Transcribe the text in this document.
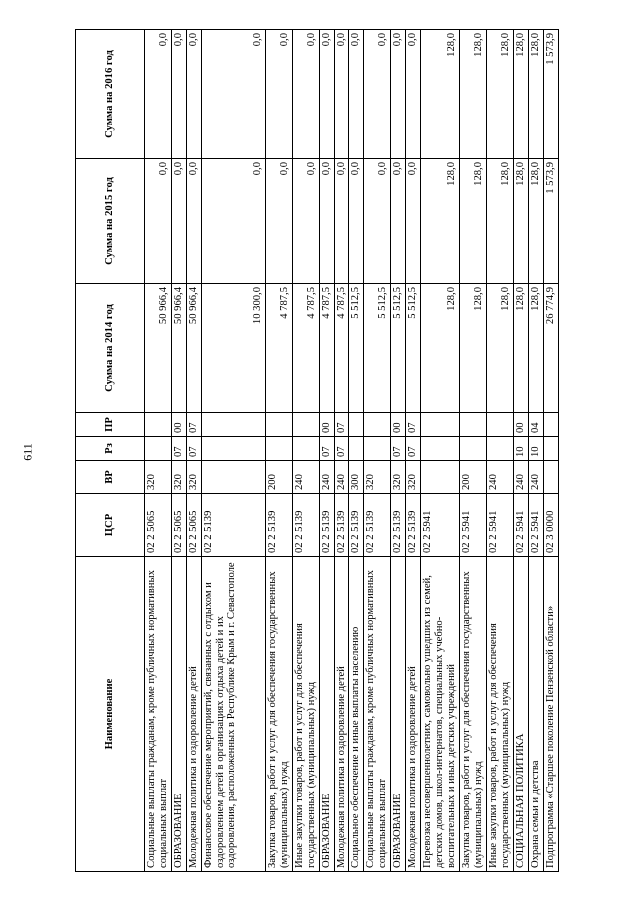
611
Наименование	ЦСР	ВР	Рз	ПР	Сумма на 2014 год	Сумма на 2015 год	Сумма на 2016 год
Социальные выплаты гражданам, кроме публичных нормативных социальных выплат	02 2 5065	320			50 966,4	0,0	0,0
ОБРАЗОВАНИЕ	02 2 5065	320	07	00	50 966,4	0,0	0,0
Молодежная политика и оздоровление детей	02 2 5065	320	07	07	50 966,4	0,0	0,0
Финансовое обеспечение мероприятий, связанных с отдыхом и оздоровлением детей в организациях отдыха детей и их оздоровления, расположенных в Республике Крым и г. Севастополе	02 2 5139				10 300,0	0,0	0,0
Закупка товаров, работ и услуг для обеспечения государственных (муниципальных) нужд	02 2 5139	200			4 787,5	0,0	0,0
Иные закупки товаров, работ и услуг для обеспечения государственных (муниципальных) нужд	02 2 5139	240			4 787,5	0,0	0,0
ОБРАЗОВАНИЕ	02 2 5139	240	07	00	4 787,5	0,0	0,0
Молодежная политика и оздоровление детей	02 2 5139	240	07	07	4 787,5	0,0	0,0
Социальное обеспечение и иные выплаты населению	02 2 5139	300			5 512,5	0,0	0,0
Социальные выплаты гражданам, кроме публичных нормативных социальных выплат	02 2 5139	320			5 512,5	0,0	0,0
ОБРАЗОВАНИЕ	02 2 5139	320	07	00	5 512,5	0,0	0,0
Молодежная политика и оздоровление детей	02 2 5139	320	07	07	5 512,5	0,0	0,0
Перевозка несовершеннолетних, самовольно ушедших из семей, детских домов, школ-интернатов, специальных учебно-воспитательных и иных детских учреждений	02 2 5941				128,0	128,0	128,0
Закупка товаров, работ и услуг для обеспечения государственных (муниципальных) нужд	02 2 5941	200			128,0	128,0	128,0
Иные закупки товаров, работ и услуг для обеспечения государственных (муниципальных) нужд	02 2 5941	240			128,0	128,0	128,0
СОЦИАЛЬНАЯ ПОЛИТИКА	02 2 5941	240	10	00	128,0	128,0	128,0
Охрана семьи и детства	02 2 5941	240	10	04	128,0	128,0	128,0
Подпрограмма «Старшее поколение Пензенской области»	02 3 0000				26 774,9	1 573,9	1 573,9
